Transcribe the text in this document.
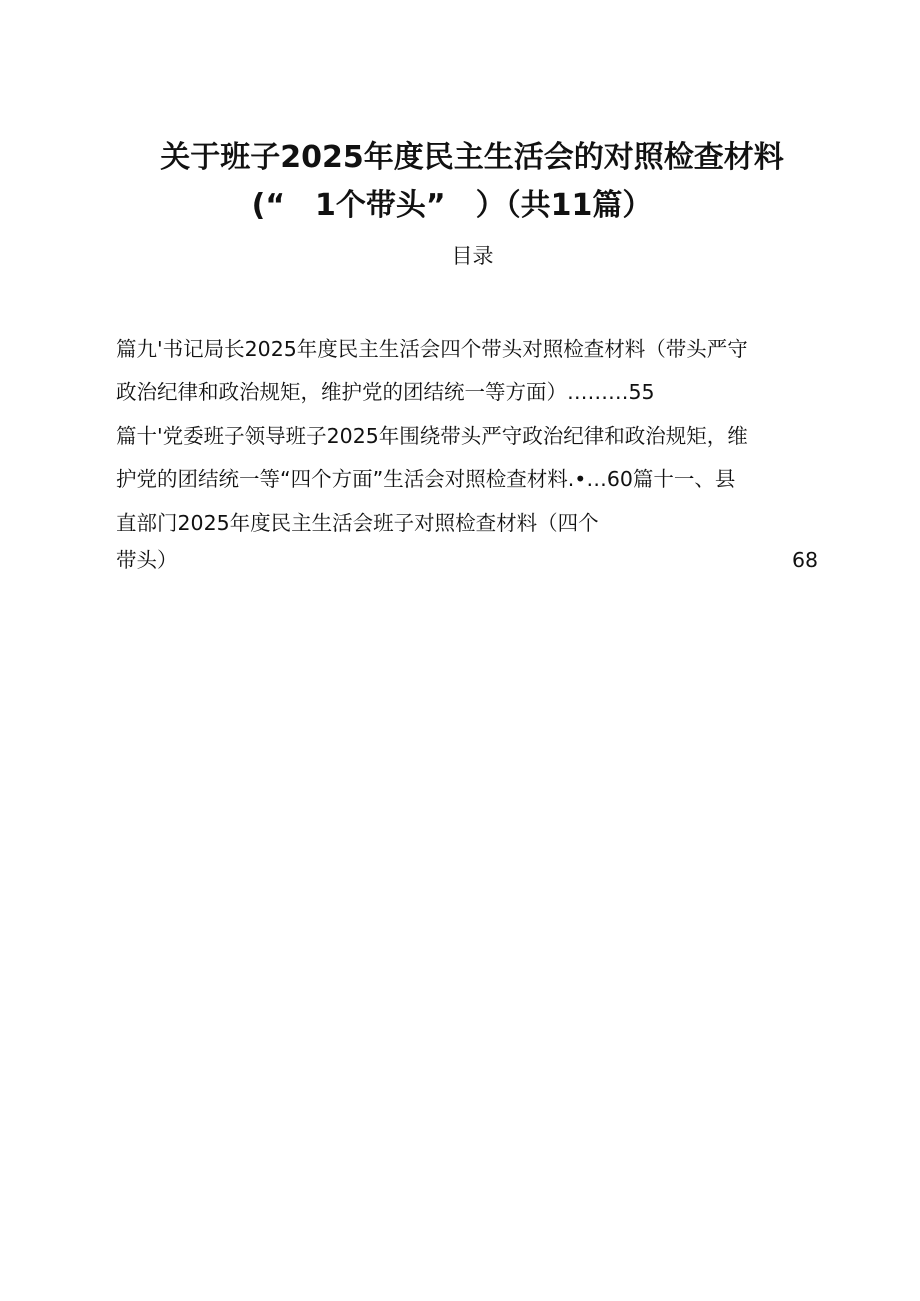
关于班子2025年度民主生活会的对照检查材料
(“　1个带头”　）（共11篇）
目录
篇九'书记局长2025年度民主生活会四个带头对照检查材料（带头严守
政治纪律和政治规矩，维护党的团结统一等方面）………55
篇十'党委班子领导班子2025年围绕带头严守政治纪律和政治规矩，维
护党的团结统一等“四个方面”生活会对照检查材料.•…60篇十一、县
直部门2025年度民主生活会班子对照检查材料（四个
带头）	68
